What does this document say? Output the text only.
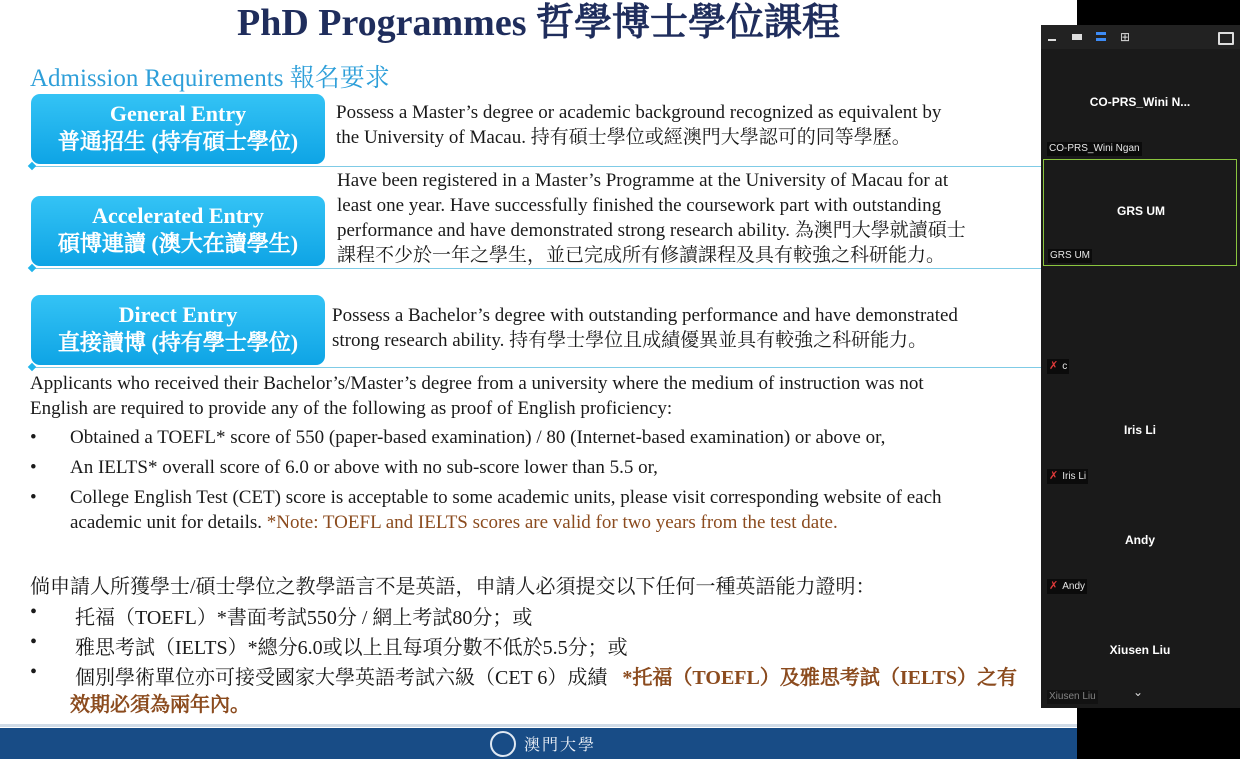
PhD Programmes 哲學博士學位課程
Admission Requirements 報名要求
General Entry
普通招生 (持有碩士學位)
Possess a Master’s degree or academic background recognized as equivalent by
the University of Macau. 持有碩士學位或經澳門大學認可的同等學歷。
Accelerated Entry
碩博連讀 (澳大在讀學生)
Have been registered in a Master’s Programme at the University of Macau for at
least one year. Have successfully finished the coursework part with outstanding
performance and have demonstrated strong research ability. 為澳門大學就讀碩士
課程不少於一年之學生，並已完成所有修讀課程及具有較強之科研能力。
Direct Entry
直接讀博 (持有學士學位)
Possess a Bachelor’s degree with outstanding performance and have demonstrated
strong research ability. 持有學士學位且成績優異並具有較強之科研能力。
Applicants who received their Bachelor’s/Master’s degree from a university where the medium of instruction was not
English are required to provide any of the following as proof of English proficiency:
• Obtained a TOEFL* score of 550 (paper-based examination) / 80 (Internet-based examination) or above or,
• An IELTS* overall score of 6.0 or above with no sub-score lower than 5.5 or,
• College English Test (CET) score is acceptable to some academic units, please visit corresponding website of each
academic unit for details. *Note: TOEFL and IELTS scores are valid for two years from the test date.
倘申請人所獲學士/碩士學位之教學語言不是英語，申請人必須提交以下任何一種英語能力證明：
• 托福（TOEFL）*書面考試550分 / 網上考試80分；或
• 雅思考試（IELTS）*總分6.0或以上且每項分數不低於5.5分；或
• 個別學術單位亦可接受國家大學英語考試六級（CET 6）成績 *托福（TOEFL）及雅思考試（IELTS）之有
效期必須為兩年內。
澳門大學
⊞
CO-PRS_Wini N...
CO-PRS_Wini Ngan
GRS UM
GRS UM
✗ c
Iris Li
✗ Iris Li
Andy
✗ Andy
Xiusen Liu
Xiusen Liu	⌄
